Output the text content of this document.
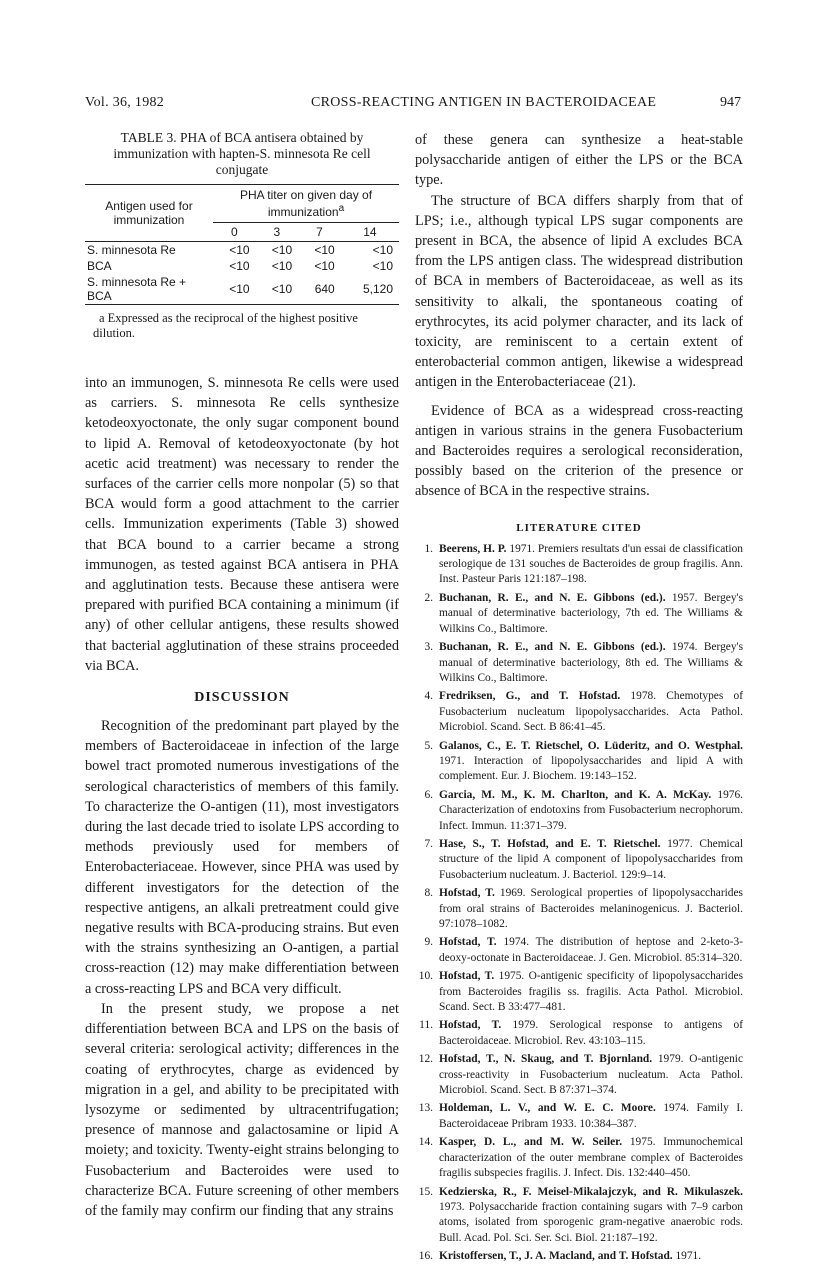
Vol. 36, 1982	CROSS-REACTING ANTIGEN IN BACTEROIDACEAE	947
TABLE 3. PHA of BCA antisera obtained by immunization with hapten-S. minnesota Re cell conjugate
Antigen used for immunization	PHA titer on given day of immunization$^a$
	0	3	7	14
S. minnesota Re	<10	<10	<10	<10
BCA	<10	<10	<10	<10
S. minnesota Re + BCA	<10	<10	640	5,120

a Expressed as the reciprocal of the highest positive dilution.

into an immunogen, S. minnesota Re cells were used as carriers. S. minnesota Re cells synthesize ketodeoxyoctonate, the only sugar component bound to lipid A. Removal of ketodeoxyoctonate (by hot acetic acid treatment) was necessary to render the surfaces of the carrier cells more nonpolar (5) so that BCA would form a good attachment to the carrier cells. Immunization experiments (Table 3) showed that BCA bound to a carrier became a strong immunogen, as tested against BCA antisera in PHA and agglutination tests. Because these antisera were prepared with purified BCA containing a minimum (if any) of other cellular antigens, these results showed that bacterial agglutination of these strains proceeded via BCA.

DISCUSSION

Recognition of the predominant part played by the members of Bacteroidaceae in infection of the large bowel tract promoted numerous investigations of the serological characteristics of members of this family. To characterize the O-antigen (11), most investigators during the last decade tried to isolate LPS according to methods previously used for members of Enterobacteriaceae. However, since PHA was used by different investigators for the detection of the respective antigens, an alkali pretreatment could give negative results with BCA-producing strains. But even with the strains synthesizing an O-antigen, a partial cross-reaction (12) may make differentiation between a cross-reacting LPS and BCA very difficult.

In the present study, we propose a net differentiation between BCA and LPS on the basis of several criteria: serological activity; differences in the coating of erythrocytes, charge as evidenced by migration in a gel, and ability to be precipitated with lysozyme or sedimented by ultracentrifugation; presence of mannose and galactosamine or lipid A moiety; and toxicity. Twenty-eight strains belonging to Fusobacterium and Bacteroides were used to characterize BCA. Future screening of other members of the family may confirm our finding that any strains

of these genera can synthesize a heat-stable polysaccharide antigen of either the LPS or the BCA type.

The structure of BCA differs sharply from that of LPS; i.e., although typical LPS sugar components are present in BCA, the absence of lipid A excludes BCA from the LPS antigen class. The widespread distribution of BCA in members of Bacteroidaceae, as well as its sensitivity to alkali, the spontaneous coating of erythrocytes, its acid polymer character, and its lack of toxicity, are reminiscent to a certain extent of enterobacterial common antigen, likewise a widespread antigen in the Enterobacteriaceae (21).

Evidence of BCA as a widespread cross-reacting antigen in various strains in the genera Fusobacterium and Bacteroides requires a serological reconsideration, possibly based on the criterion of the presence or absence of BCA in the respective strains.

LITERATURE CITED
1. Beerens, H. P. 1971. Premiers resultats d'un essai de classification serologique de 131 souches de Bacteroides de group fragilis. Ann. Inst. Pasteur Paris 121:187–198.
2. Buchanan, R. E., and N. E. Gibbons (ed.). 1957. Bergey's manual of determinative bacteriology, 7th ed. The Williams & Wilkins Co., Baltimore.
3. Buchanan, R. E., and N. E. Gibbons (ed.). 1974. Bergey's manual of determinative bacteriology, 8th ed. The Williams & Wilkins Co., Baltimore.
4. Fredriksen, G., and T. Hofstad. 1978. Chemotypes of Fusobacterium nucleatum lipopolysaccharides. Acta Pathol. Microbiol. Scand. Sect. B 86:41–45.
5. Galanos, C., E. T. Rietschel, O. Lüderitz, and O. Westphal. 1971. Interaction of lipopolysaccharides and lipid A with complement. Eur. J. Biochem. 19:143–152.
6. Garcia, M. M., K. M. Charlton, and K. A. McKay. 1976. Characterization of endotoxins from Fusobacterium necrophorum. Infect. Immun. 11:371–379.
7. Hase, S., T. Hofstad, and E. T. Rietschel. 1977. Chemical structure of the lipid A component of lipopolysaccharides from Fusobacterium nucleatum. J. Bacteriol. 129:9–14.
8. Hofstad, T. 1969. Serological properties of lipopolysaccharides from oral strains of Bacteroides melaninogenicus. J. Bacteriol. 97:1078–1082.
9. Hofstad, T. 1974. The distribution of heptose and 2-keto-3-deoxy-octonate in Bacteroidaceae. J. Gen. Microbiol. 85:314–320.
10. Hofstad, T. 1975. O-antigenic specificity of lipopolysaccharides from Bacteroides fragilis ss. fragilis. Acta Pathol. Microbiol. Scand. Sect. B 33:477–481.
11. Hofstad, T. 1979. Serological response to antigens of Bacteroidaceae. Microbiol. Rev. 43:103–115.
12. Hofstad, T., N. Skaug, and T. Bjornland. 1979. O-antigenic cross-reactivity in Fusobacterium nucleatum. Acta Pathol. Microbiol. Scand. Sect. B 87:371–374.
13. Holdeman, L. V., and W. E. C. Moore. 1974. Family I. Bacteroidaceae Pribram 1933. 10:384–387.
14. Kasper, D. L., and M. W. Seiler. 1975. Immunochemical characterization of the outer membrane complex of Bacteroides fragilis subspecies fragilis. J. Infect. Dis. 132:440–450.
15. Kedzierska, R., F. Meisel-Mikalajczyk, and R. Mikulaszek. 1973. Polysaccharide fraction containing sugars with 7–9 carbon atoms, isolated from sporogenic gram-negative anaerobic rods. Bull. Acad. Pol. Sci. Ser. Sci. Biol. 21:187–192.
16. Kristoffersen, T., J. A. Macland, and T. Hofstad. 1971.
